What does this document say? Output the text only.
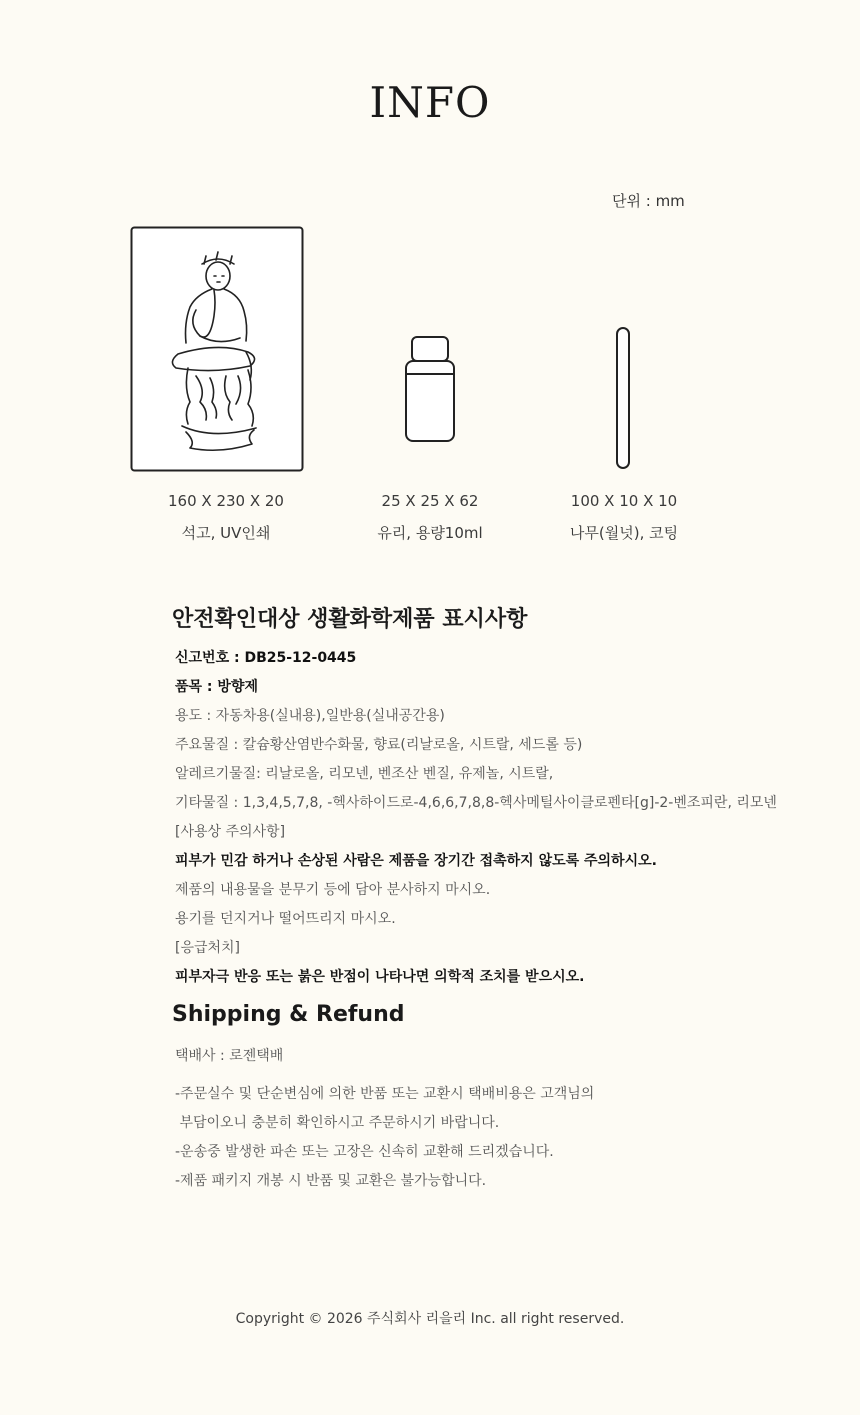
INFO
단위 : mm
160 X 230 X 20
석고, UV인쇄
25 X 25 X 62
유리, 용량10ml
100 X 10 X 10
나무(월넛), 코팅
안전확인대상 생활화학제품 표시사항
신고번호 : DB25-12-0445
품목 : 방향제
용도 : 자동차용(실내용),일반용(실내공간용)
주요물질 : 칼슘황산염반수화물, 향료(리날로올, 시트랄, 세드롤 등)
알레르기물질: 리날로올, 리모넨, 벤조산 벤질, 유제놀, 시트랄,
기타물질 : 1,3,4,5,7,8, -헥사하이드로-4,6,6,7,8,8-헥사메틸사이클로펜타[g]-2-벤조피란, 리모넨
[사용상 주의사항]
피부가 민감 하거나 손상된 사람은 제품을 장기간 접촉하지 않도록 주의하시오.
제품의 내용물을 분무기 등에 담아 분사하지 마시오.
용기를 던지거나 떨어뜨리지 마시오.
[응급처치]
피부자극 반응 또는 붉은 반점이 나타나면 의학적 조치를 받으시오.
Shipping & Refund
택배사 : 로젠택배
-주문실수 및 단순변심에 의한 반품 또는 교환시 택배비용은 고객님의
부담이오니 충분히 확인하시고 주문하시기 바랍니다.
-운송중 발생한 파손 또는 고장은 신속히 교환해 드리겠습니다.
-제품 패키지 개봉 시 반품 및 교환은 불가능합니다.
Copyright © 2026 주식회사 리을리 Inc. all right reserved.
